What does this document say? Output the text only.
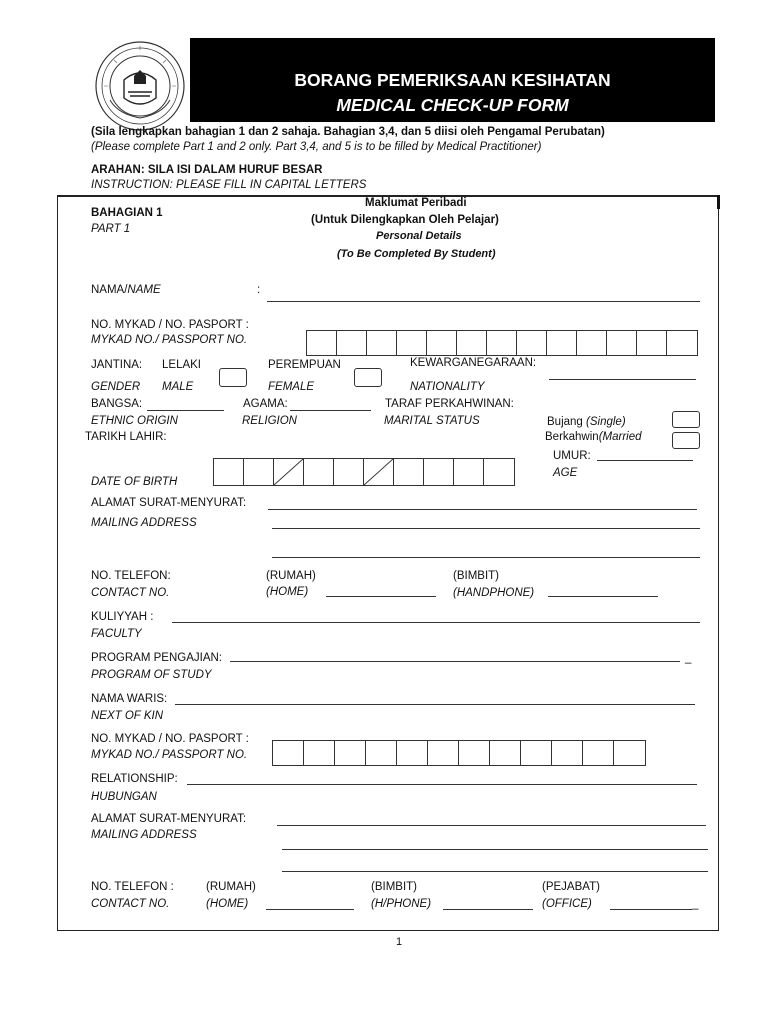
BORANG PEMERIKSAAN KESIHATAN
MEDICAL CHECK-UP FORM
(Sila lengkapkan bahagian 1 dan 2 sahaja. Bahagian 3,4, dan 5 diisi oleh Pengamal Perubatan)
(Please complete Part 1 and 2 only. Part 3,4, and 5 is to be filled by Medical Practitioner)
ARAHAN: SILA ISI DALAM HURUF BESAR
INSTRUCTION: PLEASE FILL IN CAPITAL LETTERS
BAHAGIAN 1
PART 1
Maklumat Peribadi
(Untuk Dilengkapkan Oleh Pelajar)
Personal Details
(To Be Completed By Student)
NAMA/NAME	:
NO. MYKAD / NO. PASPORT :
MYKAD NO./ PASSPORT NO.
JANTINA: LELAKI	PEREMPUAN	KEWARGANEGARAAN:
GENDER MALE	FEMALE	NATIONALITY
BANGSA:	AGAMA:	TARAF PERKAHWINAN:
ETHNIC ORIGIN	RELIGION	MARITAL STATUS	Bujang (Single)
Berkahwin(Married
TARIKH LAHIR:
UMUR:
AGE
DATE OF BIRTH
ALAMAT SURAT-MENYURAT:
MAILING ADDRESS
NO. TELEFON:	(RUMAH)	(BIMBIT)
CONTACT NO.	(HOME)	(HANDPHONE)
KULIYYAH :
FACULTY
PROGRAM PENGAJIAN:	_
PROGRAM OF STUDY
NAMA WARIS:
NEXT OF KIN
NO. MYKAD / NO. PASPORT :
MYKAD NO./ PASSPORT NO.
RELATIONSHIP:
HUBUNGAN
ALAMAT SURAT-MENYURAT:
MAILING ADDRESS
NO. TELEFON :	(RUMAH)	(BIMBIT)	(PEJABAT)
CONTACT NO.	(HOME)	(H/PHONE)	(OFFICE)	_
1
